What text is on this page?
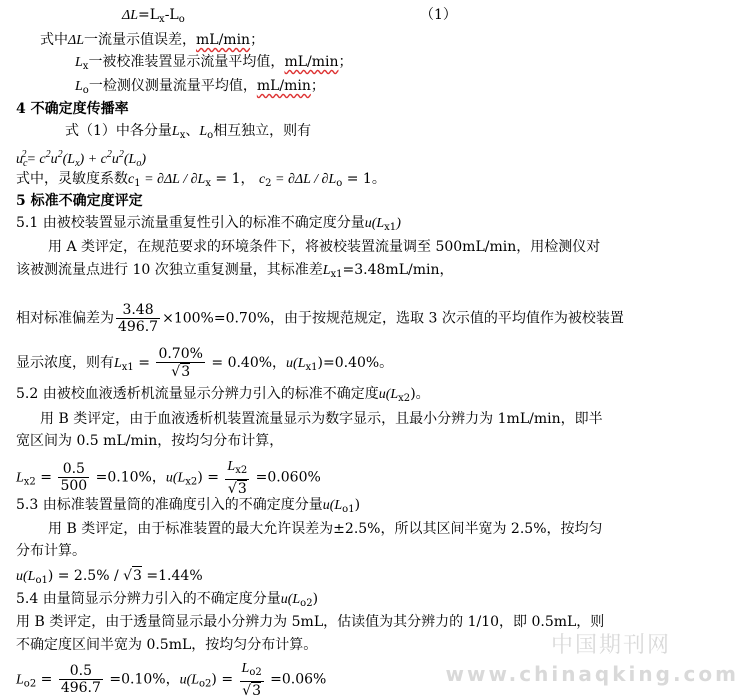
$\Delta L=L_x-L_o$	（1）
式中ΔL一流量示值误差，mL/min；
$L_x$一被校准装置显示流量平均值，mL/min；
$L_o$一检测仪测量流量平均值，mL/min；
4 不确定度传播率
式（1）中各分量$L_x$、$L_o$相互独立，则有
$u_c^2= c^2u^2(L_x) + c^2u^2(L_o)$
式中，灵敏度系数$c_1 = \partial\Delta L / \partial L_x = 1$， $c_2 = \partial\Delta L / \partial L_o = 1$。
5 标准不确定度评定
5.1 由被校装置显示流量重复性引入的标准不确定度分量$u(L_{x1})$
用 A 类评定，在规范要求的环境条件下，将被校装置流量调至 500mL/min，用检测仪对
该被测流量点进行 10 次独立重复测量，其标准差$L_{x1}=3.48mL/\min$，
相对标准偏差为 $\frac{3.48}{496.7} \times 100\%=0.70\%$，由于按规范规定，选取 3 次示值的平均值作为被校装置
显示浓度，则有$L_{x1} = \frac{0.70\%}{√3} = 0.40\%$，$u(L_{x1})=0.40\%$。
5.2 由被校血液透析机流量显示分辨力引入的标准不确定度$u(L_{x2})$。
用 B 类评定，由于血液透析机装置流量显示为数字显示，且最小分辨力为 1mL/min，即半
宽区间为 0.5 mL/min，按均匀分布计算，
$L_{x2} = \frac{0.5}{500} =0.10\%$，$u(L_{x2}) = \frac{L_{x2}}{√3} =0.060\%$
5.3 由标准装置量筒的准确度引入的不确定度分量$u(L_{o1})$
用 B 类评定，由于标准装置的最大允许误差为±2.5%，所以其区间半宽为 2.5%，按均匀
分布计算。
$u(L_{o1}) = 2.5\% / √3 =1.44\%$
5.4 由量筒显示分辨力引入的不确定度分量$u(L_{o2})$
用 B 类评定，由于透量筒显示最小分辨力为 5mL，估读值为其分辨力的 1/10，即 0.5mL，则
不确定度区间半宽为 0.5mL，按均匀分布计算。
$L_{o2} = \frac{0.5}{496.7} =0.10\%$，$u(L_{o2}) = \frac{L_{o2}}{√3} =0.06\%$
中国期刊网
www.chinaqking.com
